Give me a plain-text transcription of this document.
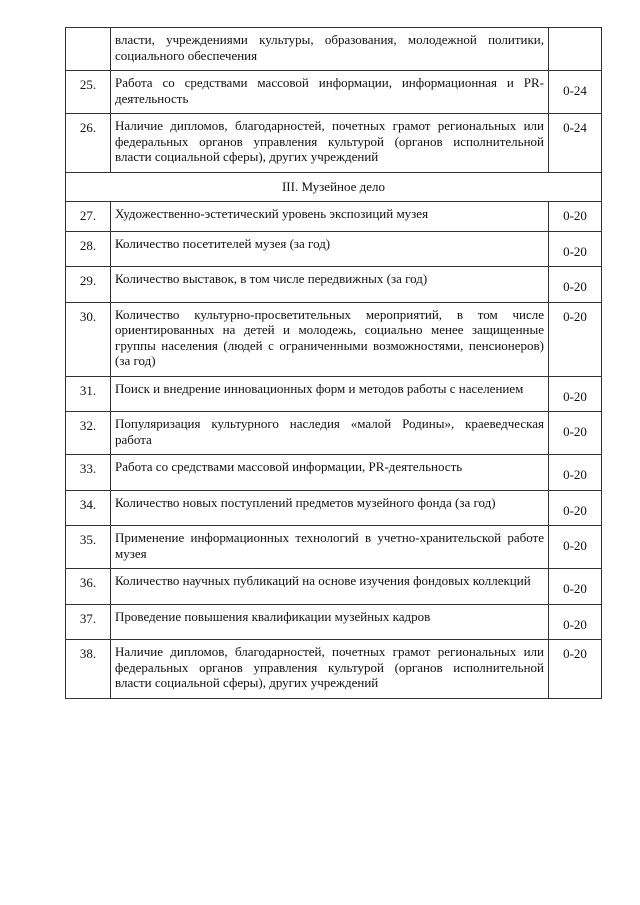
	власти, учреждениями культуры, образования, молодежной политики, социального обеспечения	
25.	Работа со средствами массовой информации, информационная и PR-деятельность	0-24
26.	Наличие дипломов, благодарностей, почетных грамот региональных или федеральных органов управления культурой (органов исполнительной власти социальной сферы), других учреждений	0-24
III. Музейное дело		
27.	Художественно-эстетический уровень экспозиций музея	0-20
28.	Количество посетителей музея (за год)	0-20
29.	Количество выставок, в том числе передвижных (за год)	0-20
30.	Количество культурно-просветительных мероприятий, в том числе ориентированных на детей и молодежь, социально менее защищенные группы населения (людей с ограниченными возможностями, пенсионеров) (за год)	0-20
31.	Поиск и внедрение инновационных форм и методов работы с населением	0-20
32.	Популяризация культурного наследия «малой Родины», краеведческая работа	0-20
33.	Работа со средствами массовой информации, PR-деятельность	0-20
34.	Количество новых поступлений предметов музейного фонда (за год)	0-20
35.	Применение информационных технологий в учетно-хранительской работе музея	0-20
36.	Количество научных публикаций на основе изучения фондовых коллекций	0-20
37.	Проведение повышения квалификации музейных кадров	0-20
38.	Наличие дипломов, благодарностей, почетных грамот региональных или федеральных органов управления культурой (органов исполнительной власти социальной сферы), других учреждений	0-20
